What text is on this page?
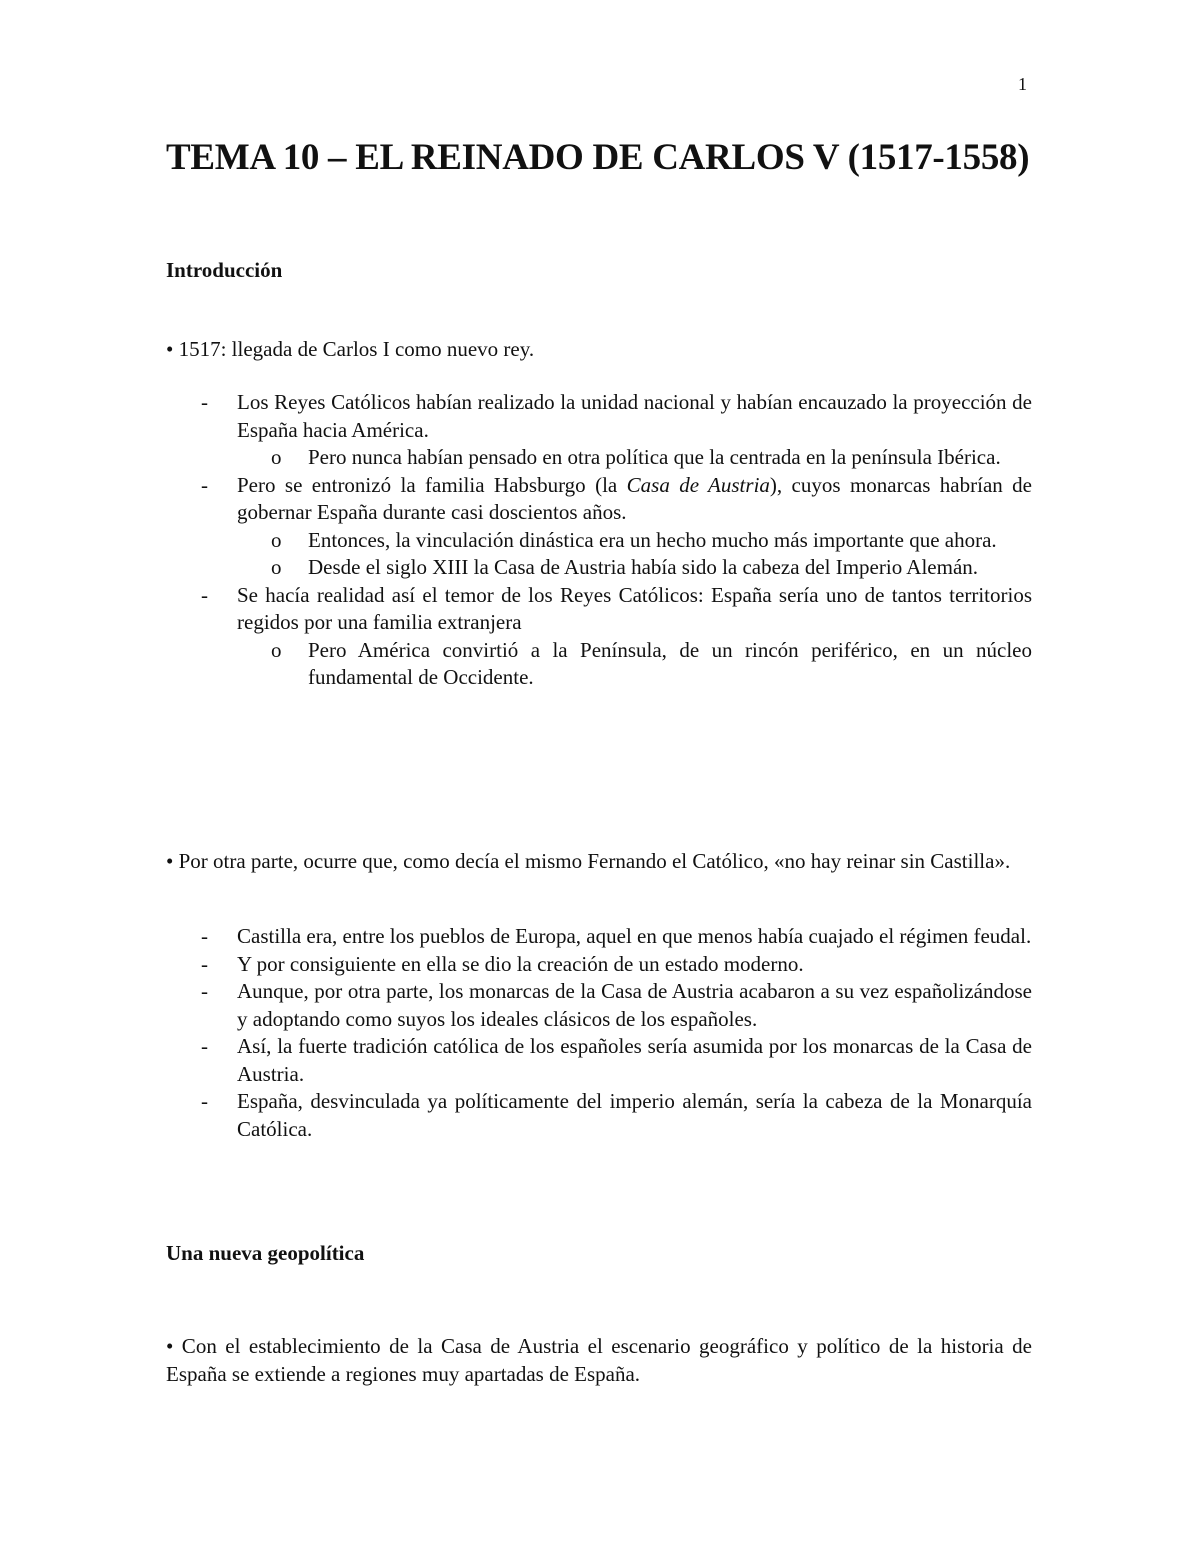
1
TEMA 10 – EL REINADO DE CARLOS V (1517-1558)
Introducción

• 1517: llegada de Carlos I como nuevo rey.

- Los Reyes Católicos habían realizado la unidad nacional y habían encauzado la proyección de España hacia América.
o Pero nunca habían pensado en otra política que la centrada en la península Ibérica.
- Pero se entronizó la familia Habsburgo (la Casa de Austria), cuyos monarcas habrían de gobernar España durante casi doscientos años.
o Entonces, la vinculación dinástica era un hecho mucho más importante que ahora.
o Desde el siglo XIII la Casa de Austria había sido la cabeza del Imperio Alemán.
- Se hacía realidad así el temor de los Reyes Católicos: España sería uno de tantos territorios regidos por una familia extranjera
o Pero América convirtió a la Península, de un rincón periférico, en un núcleo fundamental de Occidente.

• Por otra parte, ocurre que, como decía el mismo Fernando el Católico, «no hay reinar sin Castilla».

- Castilla era, entre los pueblos de Europa, aquel en que menos había cuajado el régimen feudal.
- Y por consiguiente en ella se dio la creación de un estado moderno.
- Aunque, por otra parte, los monarcas de la Casa de Austria acabaron a su vez españolizándose y adoptando como suyos los ideales clásicos de los españoles.
- Así, la fuerte tradición católica de los españoles sería asumida por los monarcas de la Casa de Austria.
- España, desvinculada ya políticamente del imperio alemán, sería la cabeza de la Monarquía Católica.
Una nueva geopolítica

• Con el establecimiento de la Casa de Austria el escenario geográfico y político de la historia de España se extiende a regiones muy apartadas de España.
